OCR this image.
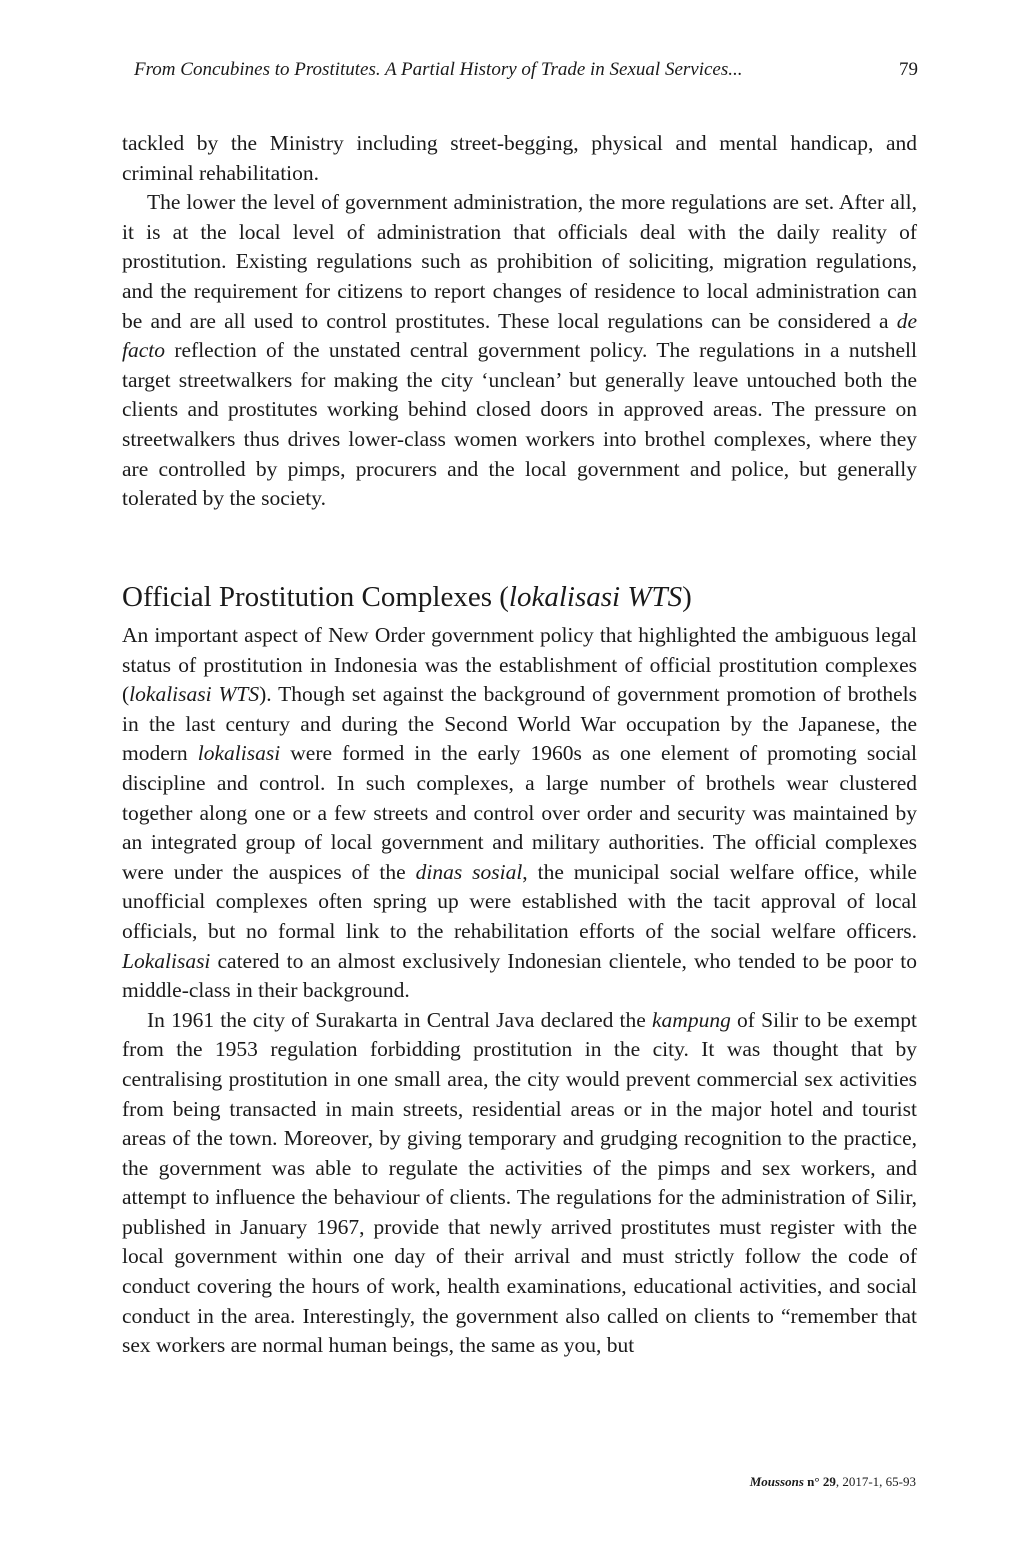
From Concubines to Prostitutes. A Partial History of Trade in Sexual Services...	79

tackled by the Ministry including street-begging, physical and mental handicap, and criminal rehabilitation.

The lower the level of government administration, the more regulations are set. After all, it is at the local level of administration that officials deal with the daily reality of prostitution. Existing regulations such as prohibition of soliciting, migration regulations, and the requirement for citizens to report changes of residence to local administration can be and are all used to control prostitutes. These local regulations can be considered a de facto reflection of the unstated central government policy. The regulations in a nutshell target streetwalkers for making the city ‘unclean’ but generally leave untouched both the clients and prostitutes working behind closed doors in approved areas. The pressure on streetwalkers thus drives lower-class women workers into brothel complexes, where they are controlled by pimps, procurers and the local government and police, but generally tolerated by the society.

Official Prostitution Complexes (lokalisasi WTS)

An important aspect of New Order government policy that highlighted the ambiguous legal status of prostitution in Indonesia was the establishment of official prostitution complexes (lokalisasi WTS). Though set against the background of government promotion of brothels in the last century and during the Second World War occupation by the Japanese, the modern lokalisasi were formed in the early 1960s as one element of promoting social discipline and control. In such complexes, a large number of brothels wear clustered together along one or a few streets and control over order and security was maintained by an integrated group of local government and military authorities. The official complexes were under the auspices of the dinas sosial, the municipal social welfare office, while unofficial complexes often spring up were established with the tacit approval of local officials, but no formal link to the rehabilitation efforts of the social welfare officers. Lokalisasi catered to an almost exclusively Indonesian clientele, who tended to be poor to middle-class in their background.

In 1961 the city of Surakarta in Central Java declared the kampung of Silir to be exempt from the 1953 regulation forbidding prostitution in the city. It was thought that by centralising prostitution in one small area, the city would prevent commercial sex activities from being transacted in main streets, residential areas or in the major hotel and tourist areas of the town. Moreover, by giving temporary and grudging recognition to the practice, the government was able to regulate the activities of the pimps and sex workers, and attempt to influence the behaviour of clients. The regulations for the administration of Silir, published in January 1967, provide that newly arrived prostitutes must register with the local government within one day of their arrival and must strictly follow the code of conduct covering the hours of work, health examinations, educational activities, and social conduct in the area. Interestingly, the government also called on clients to “remember that sex workers are normal human beings, the same as you, but

Moussons n° 29, 2017-1, 65-93
